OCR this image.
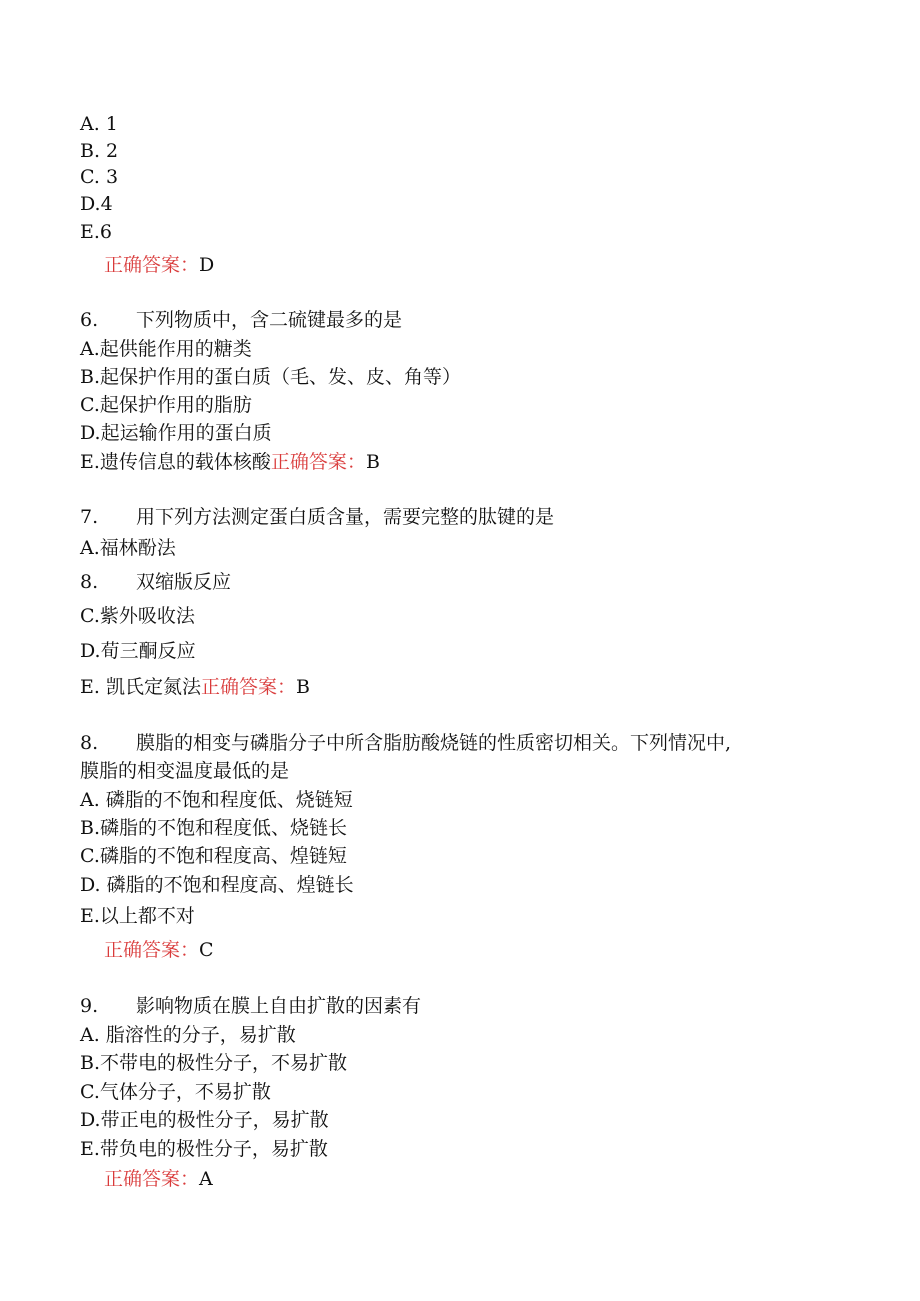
A. 1
B. 2
C. 3
D.4
E.6
正确答案：D
6. 下列物质中，含二硫键最多的是
A.起供能作用的糖类
B.起保护作用的蛋白质（毛、发、皮、角等）
C.起保护作用的脂肪
D.起运输作用的蛋白质
E.遗传信息的载体核酸正确答案：B
7. 用下列方法测定蛋白质含量，需要完整的肽键的是
A.福林酚法
8. 双缩版反应
C.紫外吸收法
D.荀三酮反应
E. 凯氏定氮法正确答案：B
8. 膜脂的相变与磷脂分子中所含脂肪酸烧链的性质密切相关。下列情况中,
膜脂的相变温度最低的是
A. 磷脂的不饱和程度低、烧链短
B.磷脂的不饱和程度低、烧链长
C.磷脂的不饱和程度高、煌链短
D. 磷脂的不饱和程度高、煌链长
E.以上都不对
正确答案：C
9. 影响物质在膜上自由扩散的因素有
A. 脂溶性的分子，易扩散
B.不带电的极性分子，不易扩散
C.气体分子，不易扩散
D.带正电的极性分子，易扩散
E.带负电的极性分子，易扩散
正确答案：A
